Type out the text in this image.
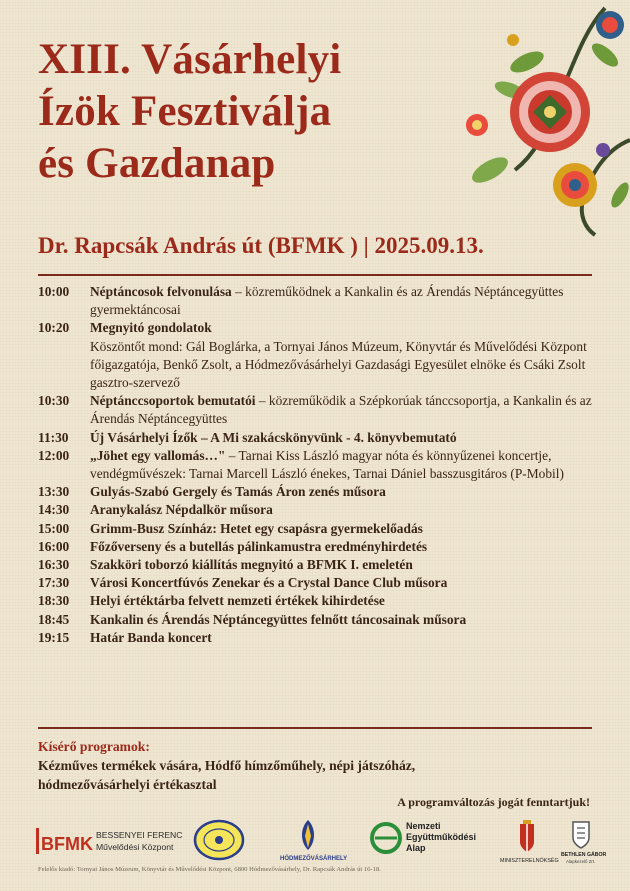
XIII. Vásárhelyi
Ízök Fesztiválja
és Gazdanap
Dr. Rapcsák András út (BFMK ) | 2025.09.13.
10:00	Néptáncosok felvonulása – közreműködnek a Kankalin és az Árendás Néptáncegyüttes gyermektáncosai
10:20	Megnyitó gondolatok
Köszöntőt mond: Gál Boglárka, a Tornyai János Múzeum, Könyvtár és Művelődési Központ főigazgatója, Benkő Zsolt, a Hódmezővásárhelyi Gazdasági Egyesület elnöke és Csáki Zsolt gasztro-szervező
10:30	Néptánccsoportok bemutatói – közreműködik a Szépkorúak tánccsoportja, a Kankalin és az Árendás Néptáncegyüttes
11:30	Új Vásárhelyi Ízők – A Mi szakácskönyvünk - 4. könyvbemutató
12:00	„Jöhet egy vallomás…" – Tarnai Kiss László magyar nóta és könnyűzenei koncertje, vendégművészek: Tarnai Marcell László énekes, Tarnai Dániel basszusgitáros (P-Mobil)
13:30	Gulyás-Szabó Gergely és Tamás Áron zenés műsora
14:30	Aranykalász Népdalkör műsora
15:00	Grimm-Busz Színház: Hetet egy csapásra gyermekelőadás
16:00	Főzőverseny és a butellás pálinkamustra eredményhirdetés
16:30	Szakköri toborzó kiállítás megnyitó a BFMK I. emeletén
17:30	Városi Koncertfúvós Zenekar és a Crystal Dance Club műsora
18:30	Helyi értéktárba felvett nemzeti értékek kihirdetése
18:45	Kankalin és Árendás Néptáncegyüttes felnőtt táncosainak műsora
19:15	Határ Banda koncert
Kísérő programok:
Kézműves termékek vására, Hódfő hímzőműhely, népi játszóház,
hódmezővásárhelyi értékasztal
A programváltozás jogát fenntartjuk!
BFMK BESSENYEI FERENC
Művelődési Központ
HÓDMEZŐVÁSÁRHELY
Nemzeti
Együttműködési
Alap
MINISZTERELNÖKSÉG
BETHLEN GÁBOR
Alapkezelő Zrt.
Felelős kiadó: Tornyai János Múzeum, Könyvtár és Művelődési Központ, 6800 Hódmezővásárhely, Dr. Rapcsák András út 16-18.
